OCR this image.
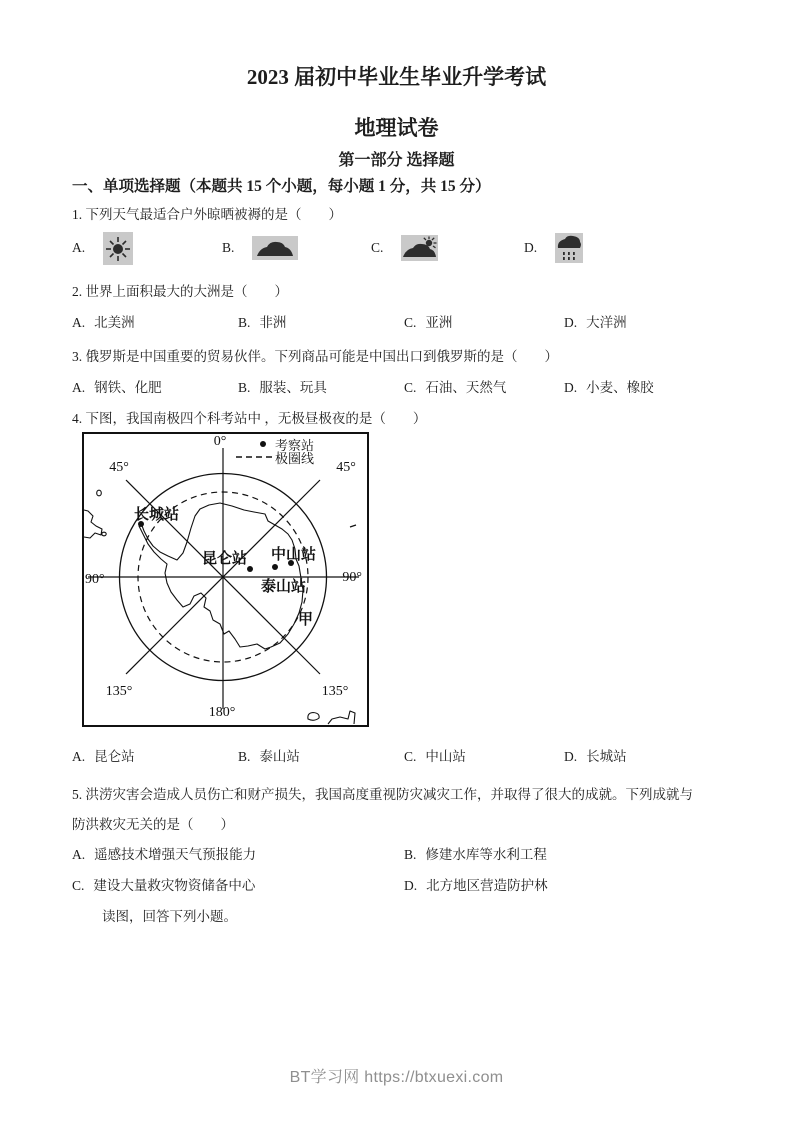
2023 届初中毕业生毕业升学考试
地理试卷
第一部分 选择题
一、单项选择题（本题共 15 个小题，每小题 1 分，共 15 分）
1. 下列天气最适合户外晾晒被褥的是（　　）
A.	B.	C.	D.
2. 世界上面积最大的大洲是（　　）
A. 北美洲	B. 非洲	C. 亚洲	D. 大洋洲
3. 俄罗斯是中国重要的贸易伙伴。下列商品可能是中国出口到俄罗斯的是（　　）
A. 钢铁、化肥	B. 服装、玩具	C. 石油、天然气	D. 小麦、橡胶
4. 下图，我国南极四个科考站中 ，无极昼极夜的是（　　）
长城站
昆仑站 中山站
泰山站
甲
0°
45°	45°
90°	90°
135°	135°
180°
考察站
极圈线
A. 昆仑站	B. 泰山站	C. 中山站	D. 长城站
5. 洪涝灾害会造成人员伤亡和财产损失，我国高度重视防灾减灾工作，并取得了很大的成就。下列成就与
防洪救灾无关的是（　　）
A. 遥感技术增强天气预报能力	B. 修建水库等水利工程
C. 建设大量救灾物资储备中心	D. 北方地区营造防护林
读图，回答下列小题。
BT学习网 https://btxuexi.com
